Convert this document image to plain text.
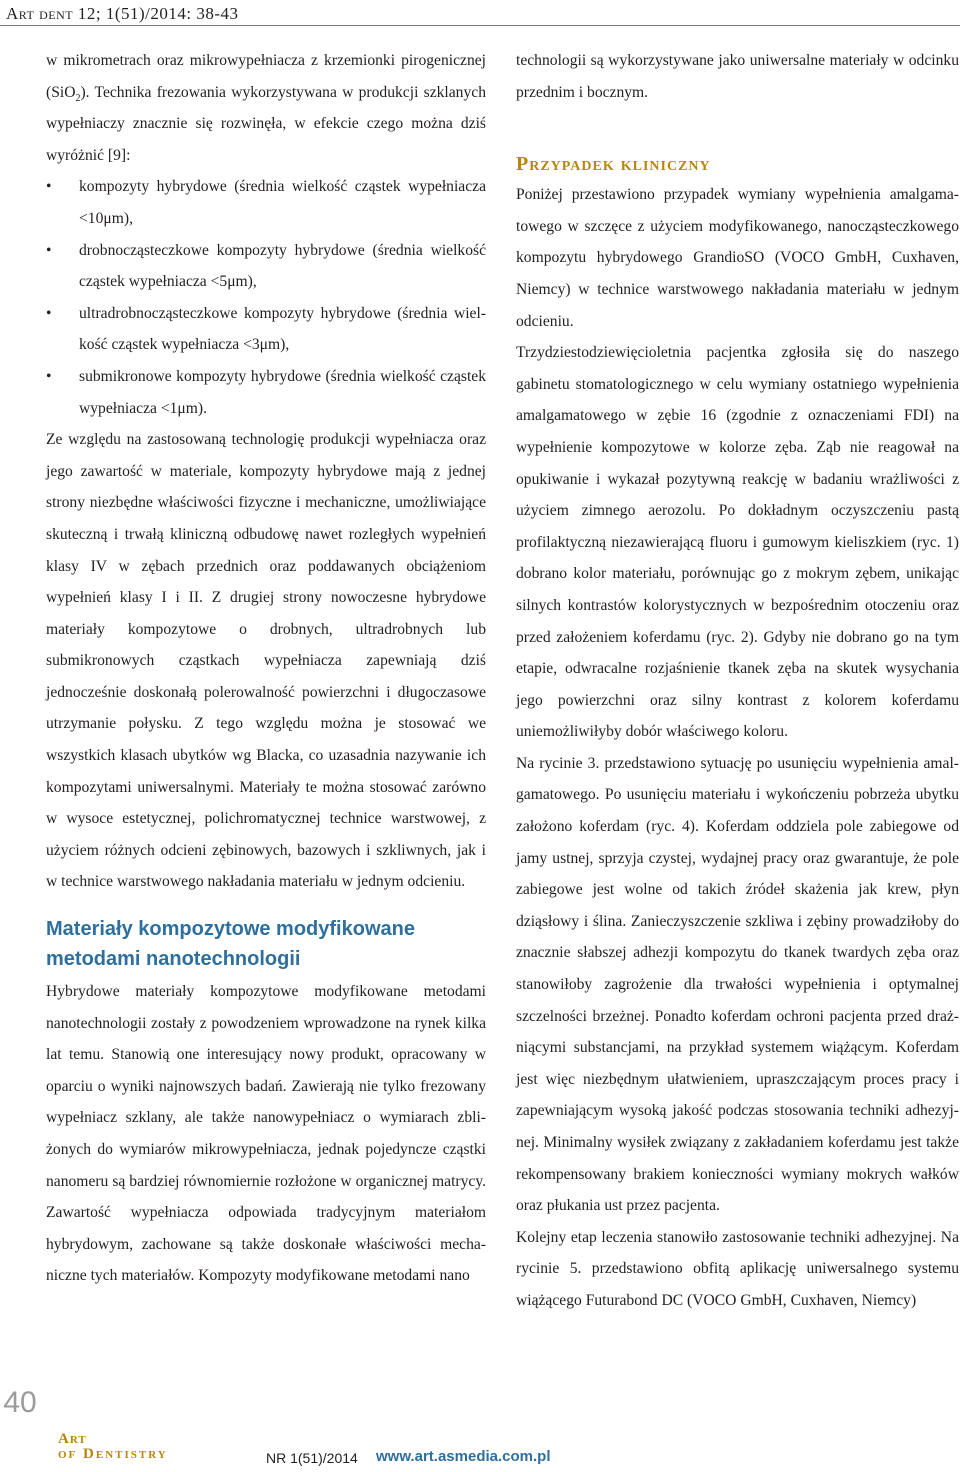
Art dent 12; 1(51)/2014: 38-43

w mikrometrach oraz mikrowypełniacza z krzemionki pirogenicznej (SiO$_2$). Technika frezowania wykorzystywana w produkcji szklanych wypełniaczy znacznie się rozwinęła, w efekcie czego można dziś wyróżnić [9]:

• kompozyty hybrydowe (średnia wielkość cząstek wypełniacza <10μm),
• drobnocząsteczkowe kompozyty hybrydowe (średnia wielkość cząstek wypełniacza <5μm),
• ultradrobnocząsteczkowe kompozyty hybrydowe (średnia wielkość cząstek wypełniacza <3μm),
• submikronowe kompozyty hybrydowe (średnia wielkość cząstek wypełniacza <1μm).

Ze względu na zastosowaną technologię produkcji wypełniacza oraz jego zawartość w materiale, kompozyty hybrydowe mają z jednej strony niezbędne właściwości fizyczne i mechaniczne, umożliwiające skuteczną i trwałą kliniczną odbudowę nawet rozległych wypełnień klasy IV w zębach przednich oraz poddawanych obciążeniom wypełnień klasy I i II. Z drugiej strony nowoczesne hybrydowe materiały kompozytowe o drobnych, ultradrobnych lub submikronowych cząstkach wypełniacza zapewniają dziś jednocześnie doskonałą polerowalność powierzchni i długoczasowe utrzymanie połysku. Z tego względu można je stosować we wszystkich klasach ubytków wg Blacka, co uzasadnia nazywanie ich kompozytami uniwersalnymi. Materiały te można stosować zarówno w wysoce estetycznej, polichromatycznej technice warstwowej, z użyciem różnych odcieni zębinowych, bazowych i szkliwnych, jak i w technice warstwowego nakładania materiału w jednym odcieniu.

Materiały kompozytowe modyfikowane metodami nanotechnologii

Hybrydowe materiały kompozytowe modyfikowane metodami nanotechnologii zostały z powodzeniem wprowadzone na rynek kilka lat temu. Stanowią one interesujący nowy produkt, opracowany w oparciu o wyniki najnowszych badań. Zawierają nie tylko frezowany wypełniacz szklany, ale także nanowypełniacz o wymiarach zbliżonych do wymiarów mikrowypełniacza, jednak pojedyncze cząstki nanomeru są bardziej równomiernie rozłożone w organicznej matrycy. Zawartość wypełniacza odpowiada tradycyjnym materiałom hybrydowym, zachowane są także doskonałe właściwości mechaniczne tych materiałów. Kompozyty modyfikowane metodami nano

technologii są wykorzystywane jako uniwersalne materiały w odcinku przednim i bocznym.

Przypadek kliniczny

Poniżej przestawiono przypadek wymiany wypełnienia amalgamatowego w szczęce z użyciem modyfikowanego, nanocząsteczkowego kompozytu hybrydowego GrandioSO (VOCO GmbH, Cuxhaven, Niemcy) w technice warstwowego nakładania materiału w jednym odcieniu.

Trzydziestodziewięcioletnia pacjentka zgłosiła się do naszego gabinetu stomatologicznego w celu wymiany ostatniego wypełnienia amalgamatowego w zębie 16 (zgodnie z oznaczeniami FDI) na wypełnienie kompozytowe w kolorze zęba. Ząb nie reagował na opukiwanie i wykazał pozytywną reakcję w badaniu wrażliwości z użyciem zimnego aerozolu. Po dokładnym oczyszczeniu pastą profilaktyczną niezawierającą fluoru i gumowym kieliszkiem (ryc. 1) dobrano kolor materiału, porównując go z mokrym zębem, unikając silnych kontrastów kolorystycznych w bezpośrednim otoczeniu oraz przed założeniem koferdamu (ryc. 2). Gdyby nie dobrano go na tym etapie, odwracalne rozjaśnienie tkanek zęba na skutek wysychania jego powierzchni oraz silny kontrast z kolorem koferdamu uniemożliwiłyby dobór właściwego koloru.

Na rycinie 3. przedstawiono sytuację po usunięciu wypełnienia amalgamatowego. Po usunięciu materiału i wykończeniu pobrzeża ubytku założono koferdam (ryc. 4). Koferdam oddziela pole zabiegowe od jamy ustnej, sprzyja czystej, wydajnej pracy oraz gwarantuje, że pole zabiegowe jest wolne od takich źródeł skażenia jak krew, płyn dziąsłowy i ślina. Zanieczyszczenie szkliwa i zębiny prowadziłoby do znacznie słabszej adhezji kompozytu do tkanek twardych zęba oraz stanowiłoby zagrożenie dla trwałości wypełnienia i optymalnej szczelności brzeżnej. Ponadto koferdam ochroni pacjenta przed drażniącymi substancjami, na przykład systemem wiążącym. Koferdam jest więc niezbędnym ułatwieniem, upraszczającym proces pracy i zapewniającym wysoką jakość podczas stosowania techniki adhezyjnej. Minimalny wysiłek związany z zakładaniem koferdamu jest także rekompensowany brakiem konieczności wymiany mokrych wałków oraz płukania ust przez pacjenta.

Kolejny etap leczenia stanowiło zastosowanie techniki adhezyjnej. Na rycinie 5. przedstawiono obfitą aplikację uniwersalnego systemu wiążącego Futurabond DC (VOCO GmbH, Cuxhaven, Niemcy)

40
Art
of Dentistry	NR 1(51)/2014 www.art.asmedia.com.pl
